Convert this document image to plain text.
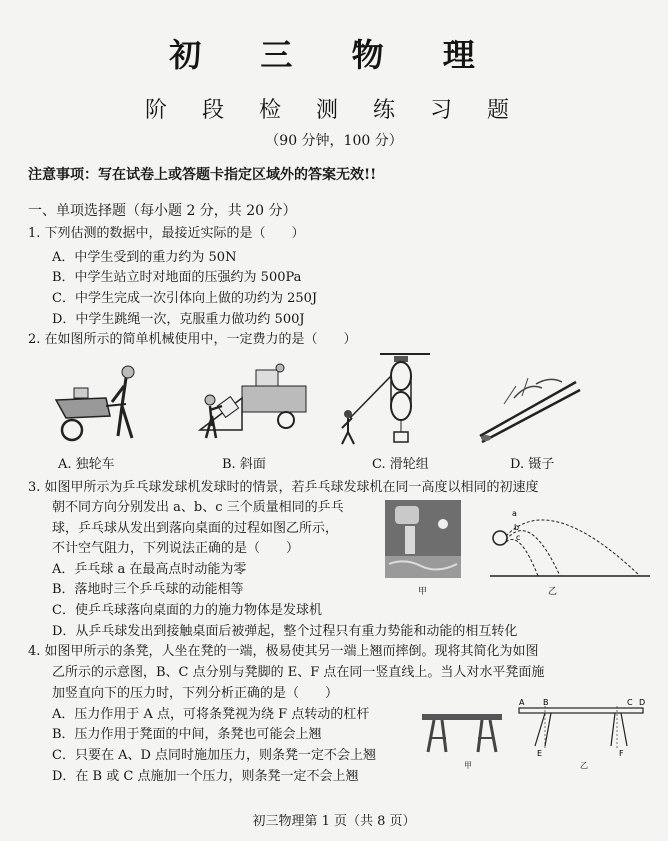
初 三 物 理
阶 段 检 测 练 习 题
（90 分钟，100 分）
注意事项：写在试卷上或答题卡指定区域外的答案无效!!
一、单项选择题（每小题 2 分，共 20 分）
1. 下列估测的数据中，最接近实际的是（　　）
A．中学生受到的重力约为 50N
B．中学生站立时对地面的压强约为 500Pa
C．中学生完成一次引体向上做的功约为 250J
D．中学生跳绳一次，克服重力做功约 500J
2. 在如图所示的简单机械使用中，一定费力的是（　　）
A. 独轮车	B. 斜面	C. 滑轮组	D. 镊子
3. 如图甲所示为乒乓球发球机发球时的情景，若乒乓球发球机在同一高度以相同的初速度
朝不同方向分别发出 a、b、c 三个质量相同的乒乓
球，乒乓球从发出到落向桌面的过程如图乙所示，
不计空气阻力，下列说法正确的是（　　）
A．乒乓球 a 在最高点时动能为零
B．落地时三个乒乓球的动能相等
C．使乒乓球落向桌面的力的施力物体是发球机
D．从乒乓球发出到接触桌面后被弹起，整个过程只有重力势能和动能的相互转化
甲
a
b
c
乙
4. 如图甲所示的条凳，人坐在凳的一端，极易使其另一端上翘而摔倒。现将其简化为如图
乙所示的示意图，B、C 点分别与凳脚的 E、F 点在同一竖直线上。当人对水平凳面施
加竖直向下的压力时，下列分析正确的是（　　）
A．压力作用于 A 点，可将条凳视为绕 F 点转动的杠杆
B．压力作用于凳面的中间，条凳也可能会上翘
C．只要在 A、D 点同时施加压力，则条凳一定不会上翘
D．在 B 或 C 点施加一个压力，则条凳一定不会上翘
甲
A B	C D
E	F
乙
初三物理第 1 页（共 8 页）
